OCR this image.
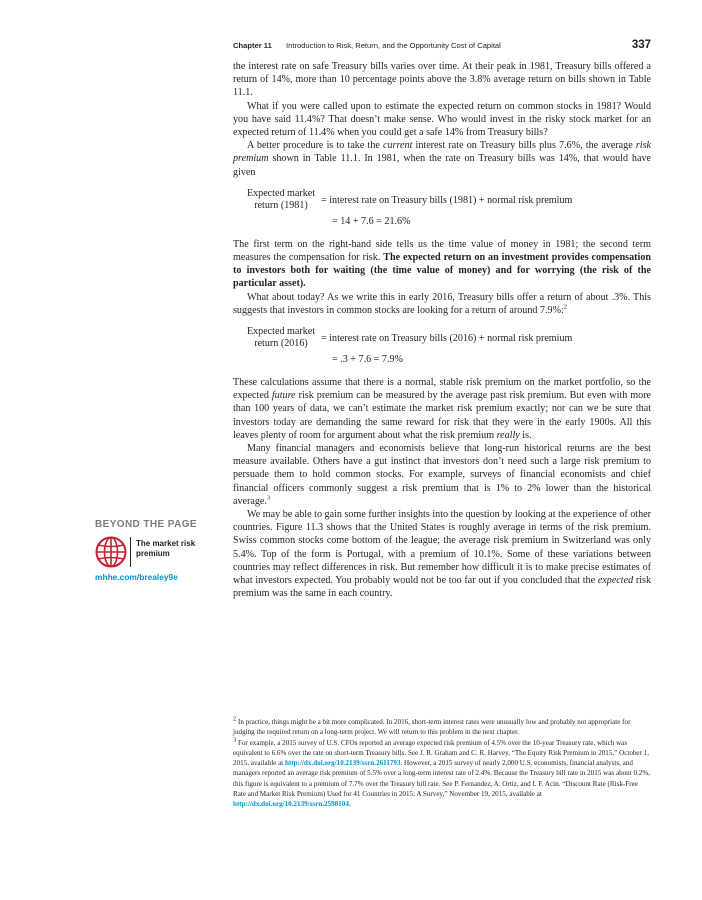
Chapter 11 Introduction to Risk, Return, and the Opportunity Cost of Capital	337
BEYOND THE PAGE
The market risk
premium
mhhe.com/brealey9e

the interest rate on safe Treasury bills varies over time. At their peak in 1981, Treasury bills offered a return of 14%, more than 10 percentage points above the 3.8% average return on bills shown in Table 11.1.

What if you were called upon to estimate the expected return on common stocks in 1981? Would you have said 11.4%? That doesn’t make sense. Who would invest in the risky stock market for an expected return of 11.4% when you could get a safe 14% from Treasury bills?

A better procedure is to take the current interest rate on Treasury bills plus 7.6%, the average risk premium shown in Table 11.1. In 1981, when the rate on Treasury bills was 14%, that would have given

Expected market
return (1981)	= interest rate on Treasury bills (1981) + normal risk premium
= 14 + 7.6 = 21.6%

The first term on the right-hand side tells us the time value of money in 1981; the second term measures the compensation for risk. The expected return on an investment provides compensation to investors both for waiting (the time value of money) and for worrying (the risk of the particular asset).

What about today? As we write this in early 2016, Treasury bills offer a return of about .3%. This suggests that investors in common stocks are looking for a return of around 7.9%:$^2$

Expected market
return (2016)	= interest rate on Treasury bills (2016) + normal risk premium
= .3 + 7.6 = 7.9%

These calculations assume that there is a normal, stable risk premium on the market portfolio, so the expected future risk premium can be measured by the average past risk premium. But even with more than 100 years of data, we can’t estimate the market risk premium exactly; nor can we be sure that investors today are demanding the same reward for risk that they were in the early 1900s. All this leaves plenty of room for argument about what the risk premium really is.

Many financial managers and economists believe that long-run historical returns are the best measure available. Others have a gut instinct that investors don’t need such a large risk premium to persuade them to hold common stocks. For example, surveys of financial economists and chief financial officers commonly suggest a risk premium that is 1% to 2% lower than the historical average.$^3$

We may be able to gain some further insights into the question by looking at the experience of other countries. Figure 11.3 shows that the United States is roughly average in terms of the risk premium. Swiss common stocks come bottom of the league; the average risk premium in Switzerland was only 5.4%. Top of the form is Portugal, with a premium of 10.1%. Some of these variations between countries may reflect differences in risk. But remember how difficult it is to make precise estimates of what investors expected. You probably would not be too far out if you concluded that the expected risk premium was the same in each country.

$^2$ In practice, things might be a bit more complicated. In 2016, short-term interest rates were unusually low and probably not appropriate for judging the required return on a long-term project. We will return to this problem in the next chapter.

$^3$ For example, a 2015 survey of U.S. CFOs reported an average expected risk premium of 4.5% over the 10-year Treasury rate, which was equivalent to 6.6% over the rate on short-term Treasury bills. See J. R. Graham and C. R. Harvey, “The Equity Risk Premium in 2015,” October 1, 2015, available at http://dx.doi.org/10.2139/ssrn.2611793. However, a 2015 survey of nearly 2,000 U.S. economists, financial analysts, and managers reported an average risk premium of 5.5% over a long-term interest rate of 2.4%. Because the Treasury bill rate in 2015 was about 0.2%, this figure is equivalent to a premium of 7.7% over the Treasury bill rate. See P. Fernandez, A. Ortiz, and I. F. Acin. “Discount Rate (Risk-Free Rate and Market Risk Premium) Used for 41 Countries in 2015: A Survey,” November 19, 2015, available at http://dx.doi.org/10.2139/ssrn.2598104.
